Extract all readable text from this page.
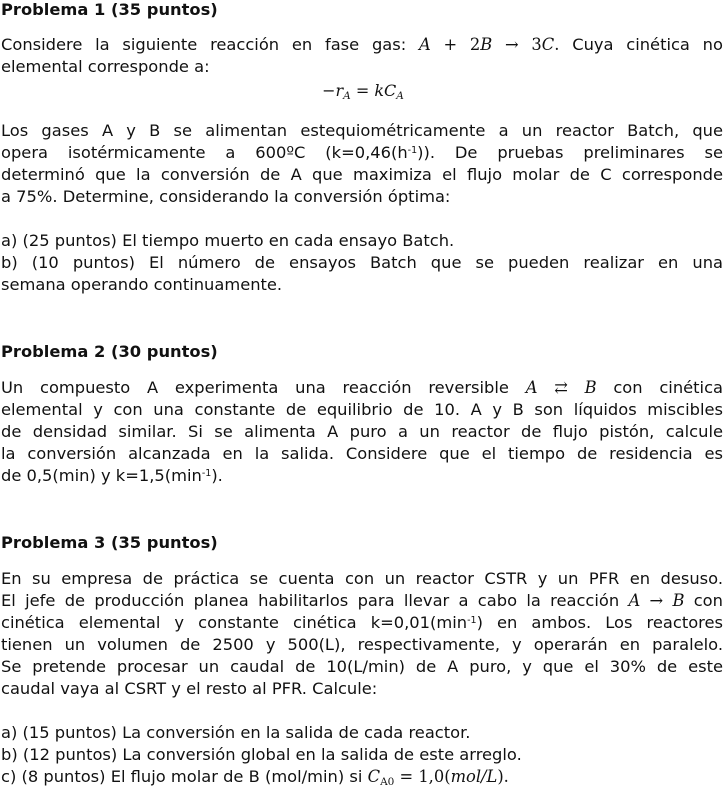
Problema 1 (35 puntos)
Considere la siguiente reacción en fase gas: A + 2B → 3C. Cuya cinética no
elemental corresponde a:
$-r_A = kC_A$
Los gases A y B se alimentan estequiométricamente a un reactor Batch, que
opera isotérmicamente a 600ºC $(k=0,46(h^{-1}))$. De pruebas preliminares se
determinó que la conversión de A que maximiza el flujo molar de C corresponde
a 75%. Determine, considerando la conversión óptima:
a) (25 puntos) El tiempo muerto en cada ensayo Batch.
b) (10 puntos) El número de ensayos Batch que se pueden realizar en una
semana operando continuamente.
Problema 2 (30 puntos)
Un compuesto A experimenta una reacción reversible A ⇄ B con cinética
elemental y con una constante de equilibrio de 10. A y B son líquidos miscibles
de densidad similar. Si se alimenta A puro a un reactor de flujo pistón, calcule
la conversión alcanzada en la salida. Considere que el tiempo de residencia es
de 0,5(min) y $k=1,5(\min^{-1})$.
Problema 3 (35 puntos)
En su empresa de práctica se cuenta con un reactor CSTR y un PFR en desuso.
El jefe de producción planea habilitarlos para llevar a cabo la reacción A → B con
cinética elemental y constante cinética $k=0,01(\min^{-1})$ en ambos. Los reactores
tienen un volumen de 2500 y 500(L), respectivamente, y operarán en paralelo.
Se pretende procesar un caudal de 10(L/min) de A puro, y que el 30% de este
caudal vaya al CSRT y el resto al PFR. Calcule:
a) (15 puntos) La conversión en la salida de cada reactor.
b) (12 puntos) La conversión global en la salida de este arreglo.
c) (8 puntos) El flujo molar de B (mol/min) si $C_{A0} = 1,0(mol/L)$.
